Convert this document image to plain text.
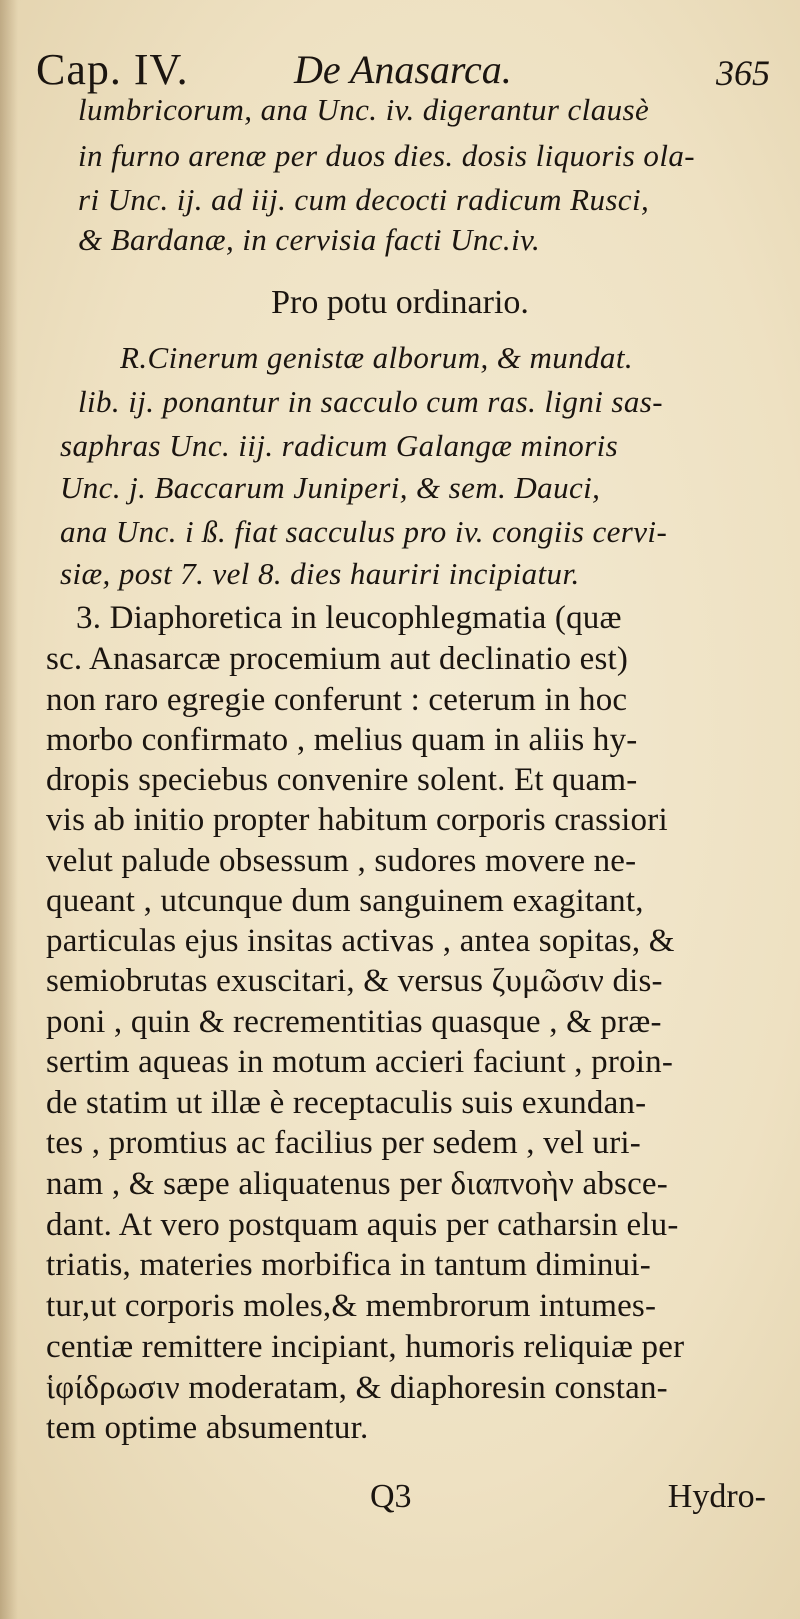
Cap. IV.	De Anasarca.	365
lumbricorum, ana Unc. iv. digerantur clausè
in furno arenæ per duos dies. dosis liquoris ola-
ri Unc. ij. ad iij. cum decocti radicum Rusci,
& Bardanæ, in cervisia facti Unc.iv.
Pro potu ordinario.
R.Cinerum genistæ alborum, & mundat.
lib. ij. ponantur in sacculo cum ras. ligni sas-
saphras Unc. iij. radicum Galangæ minoris
Unc. j. Baccarum Juniperi, & sem. Dauci,
ana Unc. i ß. fiat sacculus pro iv. congiis cervi-
siæ, post 7. vel 8. dies hauriri incipiatur.
3. Diaphoretica in leucophlegmatia (quæ
sc. Anasarcæ procemium aut declinatio est)
non raro egregie conferunt : ceterum in hoc
morbo confirmato , melius quam in aliis hy-
dropis speciebus convenire solent. Et quam-
vis ab initio propter habitum corporis crassiori
velut palude obsessum , sudores movere ne-
queant , utcunque dum sanguinem exagitant,
particulas ejus insitas activas , antea sopitas, &
semiobrutas exuscitari, & versus ζυμῶσιν dis-
poni , quin & recrementitias quasque , & præ-
sertim aqueas in motum accieri faciunt , proin-
de statim ut illæ è receptaculis suis exundan-
tes , promtius ac facilius per sedem , vel uri-
nam , & sæpe aliquatenus per διαπνοὴν absce-
dant. At vero postquam aquis per catharsin elu-
triatis, materies morbifica in tantum diminui-
tur,ut corporis moles,& membrorum intumes-
centiæ remittere incipiant, humoris reliquiæ per
ἱφίδρωσιν moderatam, & diaphoresin constan-
tem optime absumentur.
Q3	Hydro-
